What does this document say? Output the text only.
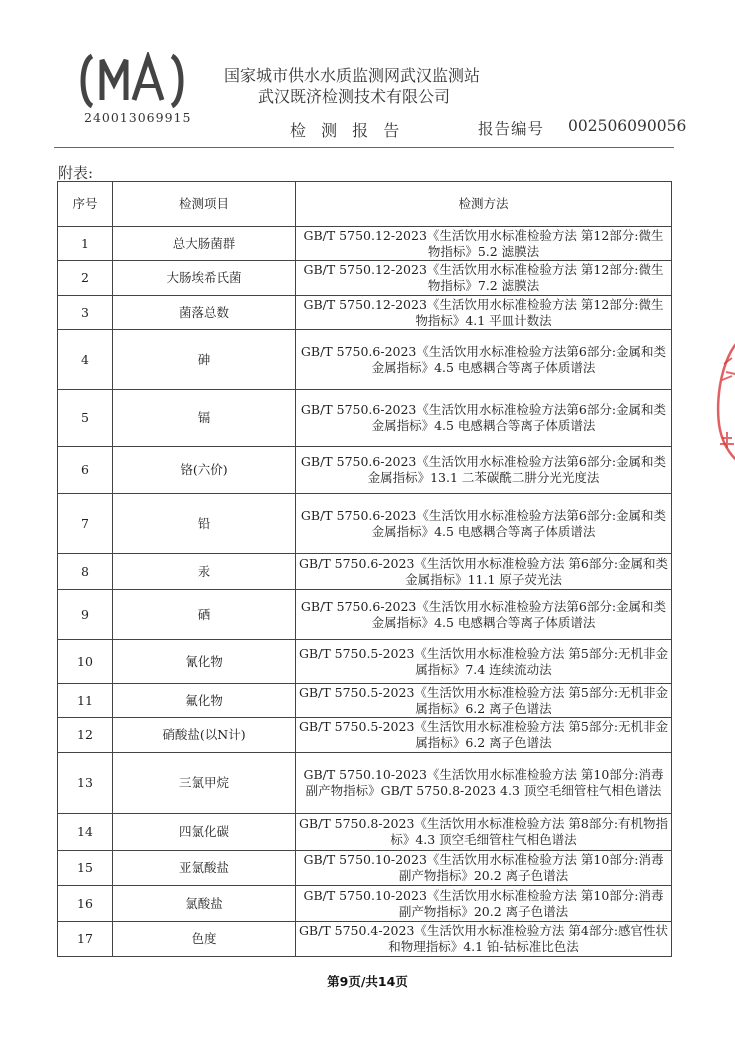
240013069915
国家城市供水水质监测网武汉监测站
武汉既济检测技术有限公司
检 测 报 告	报告编号 002506090056
附表:
序号	检测项目	检测方法
1	总大肠菌群	GB/T 5750.12-2023《生活饮用水标准检验方法 第12部分:微生物指标》5.2 滤膜法
2	大肠埃希氏菌	GB/T 5750.12-2023《生活饮用水标准检验方法 第12部分:微生物指标》7.2 滤膜法
3	菌落总数	GB/T 5750.12-2023《生活饮用水标准检验方法 第12部分:微生物指标》4.1 平皿计数法
4	砷	GB/T 5750.6-2023《生活饮用水标准检验方法第6部分:金属和类金属指标》4.5 电感耦合等离子体质谱法
5	镉	GB/T 5750.6-2023《生活饮用水标准检验方法第6部分:金属和类金属指标》4.5 电感耦合等离子体质谱法
6	铬(六价)	GB/T 5750.6-2023《生活饮用水标准检验方法第6部分:金属和类金属指标》13.1 二苯碳酰二肼分光光度法
7	铅	GB/T 5750.6-2023《生活饮用水标准检验方法第6部分:金属和类金属指标》4.5 电感耦合等离子体质谱法
8	汞	GB/T 5750.6-2023《生活饮用水标准检验方法 第6部分:金属和类金属指标》11.1 原子荧光法
9	硒	GB/T 5750.6-2023《生活饮用水标准检验方法第6部分:金属和类金属指标》4.5 电感耦合等离子体质谱法
10	氰化物	GB/T 5750.5-2023《生活饮用水标准检验方法 第5部分:无机非金属指标》7.4 连续流动法
11	氟化物	GB/T 5750.5-2023《生活饮用水标准检验方法 第5部分:无机非金属指标》6.2 离子色谱法
12	硝酸盐(以N计)	GB/T 5750.5-2023《生活饮用水标准检验方法 第5部分:无机非金属指标》6.2 离子色谱法
13	三氯甲烷	GB/T 5750.10-2023《生活饮用水标准检验方法 第10部分:消毒副产物指标》GB/T 5750.8-2023 4.3 顶空毛细管柱气相色谱法
14	四氯化碳	GB/T 5750.8-2023《生活饮用水标准检验方法 第8部分:有机物指标》4.3 顶空毛细管柱气相色谱法
15	亚氯酸盐	GB/T 5750.10-2023《生活饮用水标准检验方法 第10部分:消毒副产物指标》20.2 离子色谱法
16	氯酸盐	GB/T 5750.10-2023《生活饮用水标准检验方法 第10部分:消毒副产物指标》20.2 离子色谱法
17	色度	GB/T 5750.4-2023《生活饮用水标准检验方法 第4部分:感官性状和物理指标》4.1 铂-钴标准比色法
第9页/共14页
